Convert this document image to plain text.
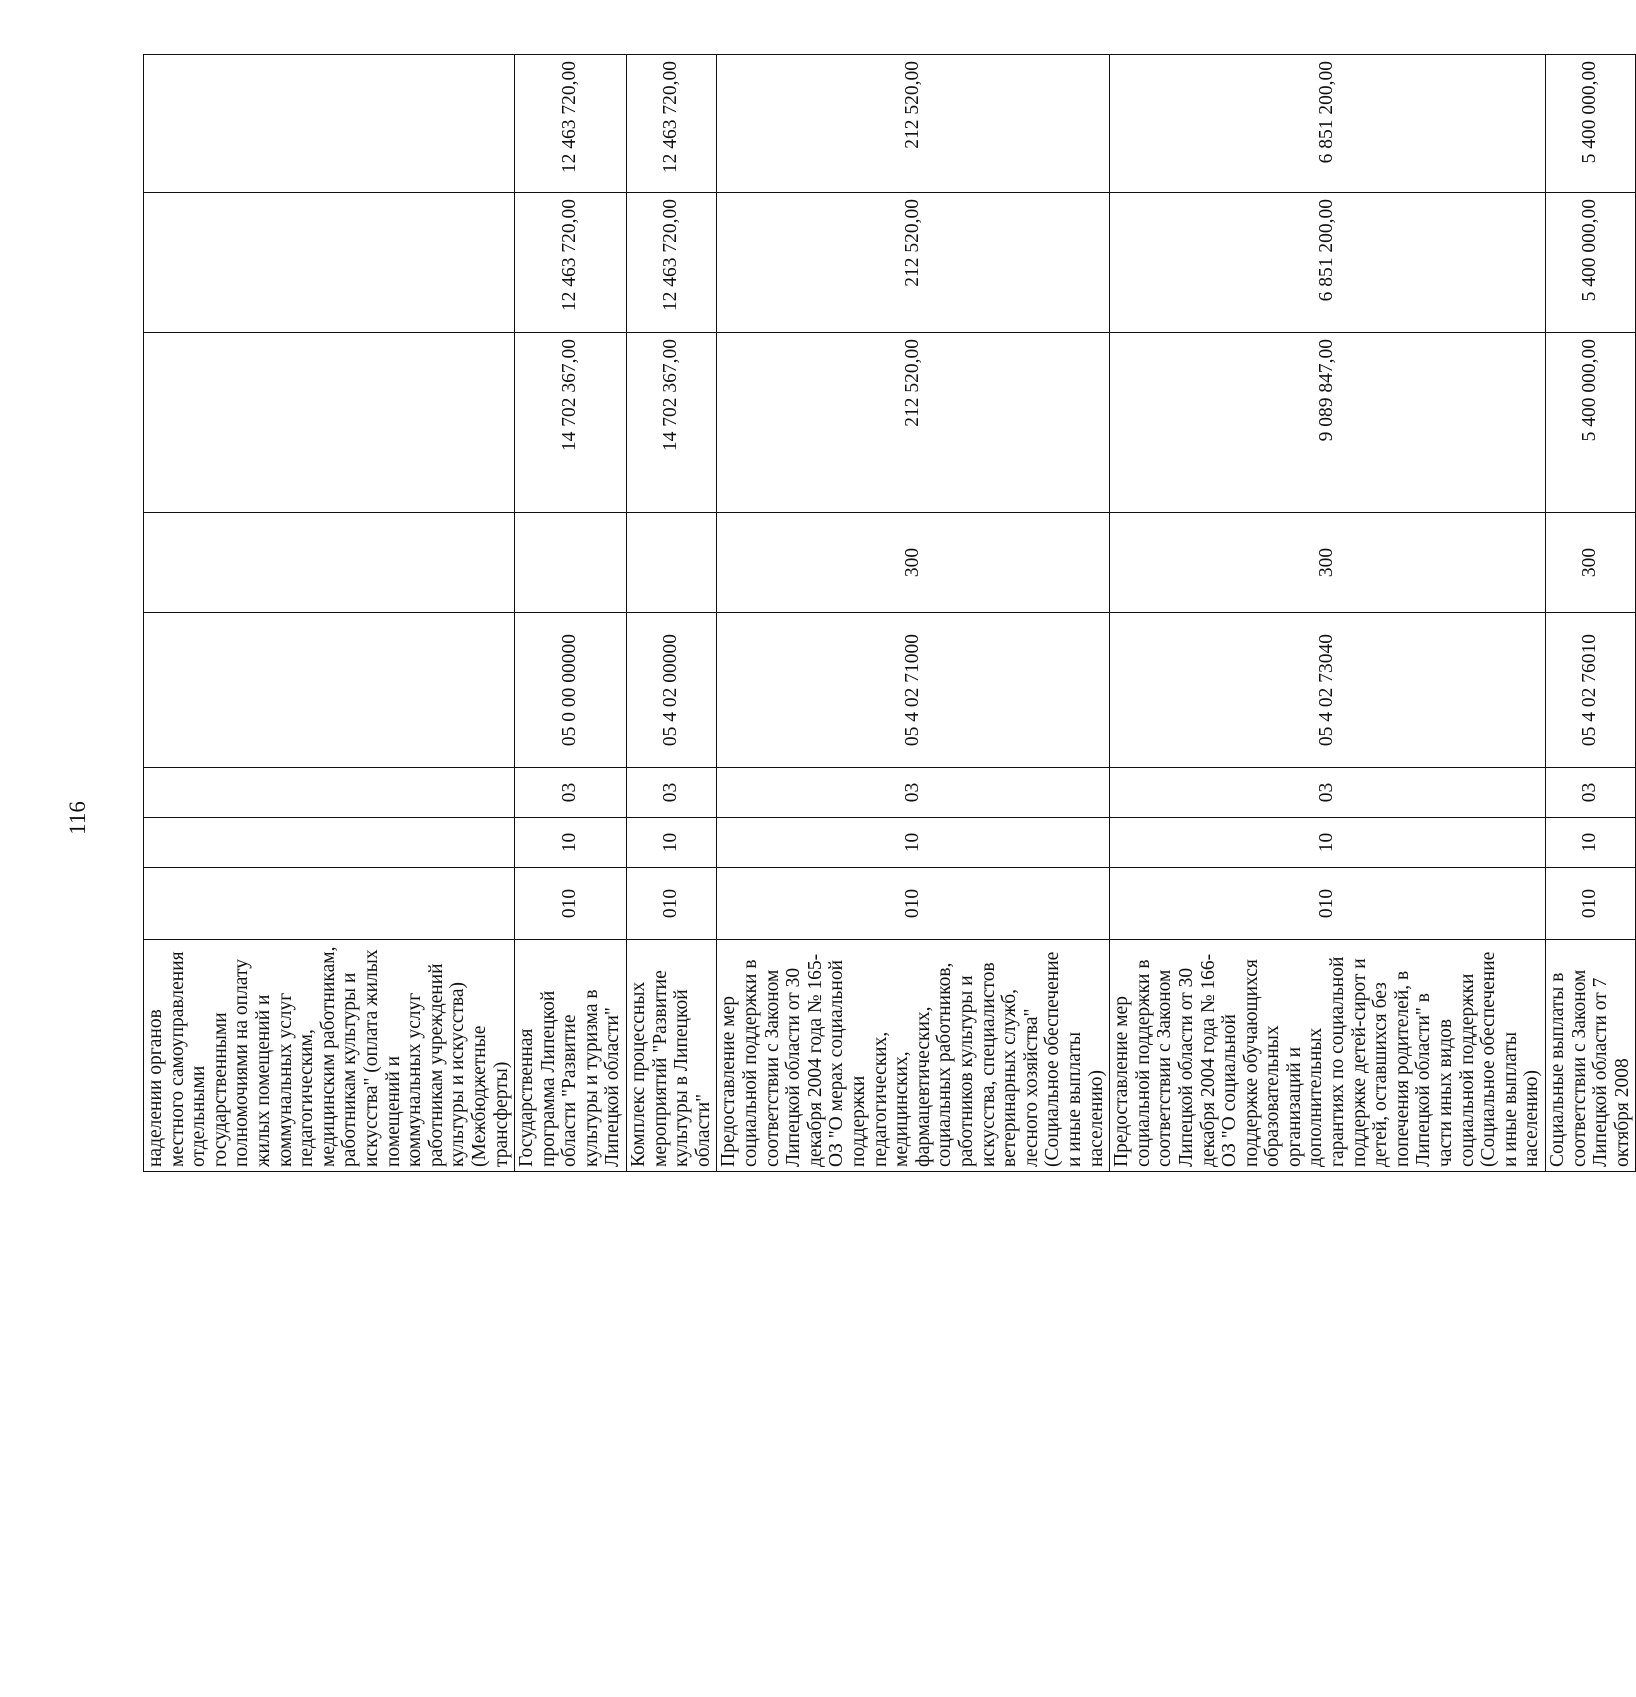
116
наделении органов местного самоуправления отдельными государственными полномочиями на оплату жилых помещений и коммунальных услуг педагогическим, медицинским работникам, работникам культуры и искусства" (оплата жилых помещений и коммунальных услуг работникам учреждений культуры и искусства) (Межбюджетные трансферты)								
Государственная программа Липецкой области "Развитие культуры и туризма в Липецкой области"	010	10	03	05 0 00 00000		14 702 367,00	12 463 720,00	12 463 720,00
Комплекс процессных мероприятий "Развитие культуры в Липецкой области"	010	10	03	05 4 02 00000		14 702 367,00	12 463 720,00	12 463 720,00
Предоставление мер социальной поддержки в соответствии с Законом Липецкой области от 30 декабря 2004 года № 165-ОЗ "О мерах социальной поддержки педагогических, медицинских, фармацевтических, социальных работников, работников культуры и искусства, специалистов ветеринарных служб, лесного хозяйства" (Социальное обеспечение и иные выплаты населению)	010	10	03	05 4 02 71000	300	212 520,00	212 520,00	212 520,00
Предоставление мер социальной поддержки в соответствии с Законом Липецкой области от 30 декабря 2004 года № 166-ОЗ "О социальной поддержке обучающихся образовательных организаций и дополнительных гарантиях по социальной поддержке детей-сирот и детей, оставшихся без попечения родителей, в Липецкой области" в части иных видов социальной поддержки (Социальное обеспечение и иные выплаты населению)	010	10	03	05 4 02 73040	300	9 089 847,00	6 851 200,00	6 851 200,00
Социальные выплаты в соответствии с Законом Липецкой области от 7 октября 2008	010	10	03	05 4 02 76010	300	5 400 000,00	5 400 000,00	5 400 000,00
